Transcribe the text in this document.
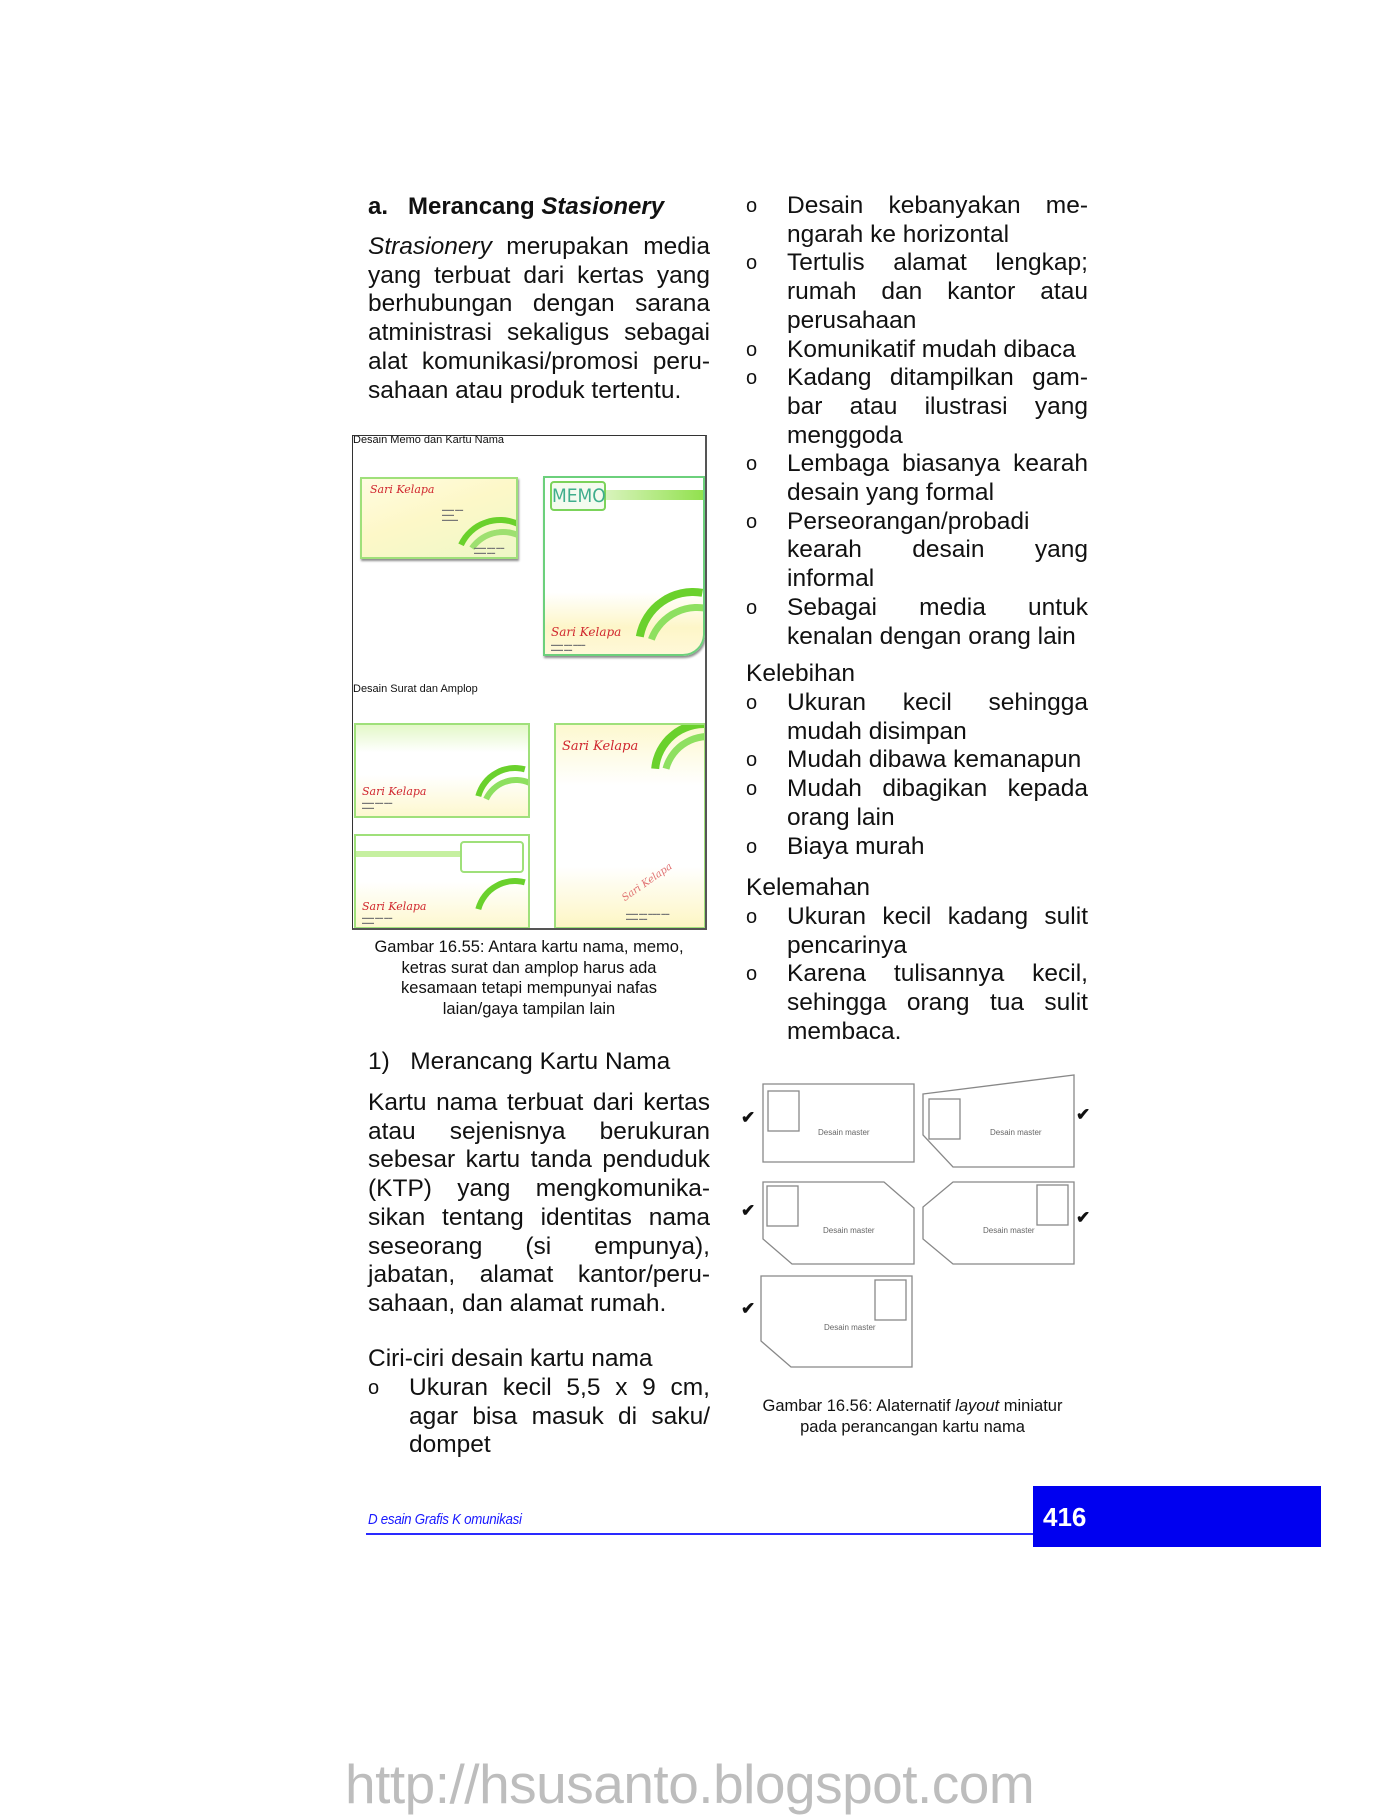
a. Merancang Stasionery
Strasionery merupakan media
yang terbuat dari kertas yang
berhubungan dengan sarana
atministrasi sekaligus sebagai
alat komunikasi/promosi peru-
sahaan atau produk tertentu.
Desain Memo dan Kartu Nama
Sari Kelapa
▬▬▬ ▬▬
▬▬▬
▬▬▬▬
▬▬▬ ▬▬ ▬▬
▬▬▬ ▬▬
MEMO
Sari Kelapa
▬▬▬ ▬▬ ▬▬▬
▬▬▬ ▬▬
Desain Surat dan Amplop
Sari Kelapa
▬▬▬ ▬▬ ▬▬
▬▬▬
Sari Kelapa
▬▬▬ ▬▬ ▬▬
▬▬▬
Sari Kelapa
Sari Kelapa
▬▬▬ ▬▬ ▬▬▬ ▬▬
▬▬▬ ▬▬
Gambar 16.55: Antara kartu nama, memo,
ketras surat dan amplop harus ada
kesamaan tetapi mempunyai nafas
laian/gaya tampilan lain
1)   Merancang Kartu Nama
Kartu nama terbuat dari kertas
atau sejenisnya berukuran
sebesar kartu tanda penduduk
(KTP) yang mengkomunika-
sikan tentang identitas nama
seseorang (si empunya),
jabatan, alamat kantor/peru-
sahaan, dan alamat rumah.
Ciri-ciri desain kartu nama
o Ukuran kecil 5,5 x 9 cm,
agar bisa masuk di saku/
dompet
o Desain kebanyakan me-
ngarah ke horizontal
o Tertulis alamat lengkap;
rumah dan kantor atau
perusahaan
o Komunikatif mudah dibaca
o Kadang ditampilkan gam-
bar atau ilustrasi yang
menggoda
o Lembaga biasanya kearah
desain yang formal
o Perseorangan/probadi
kearah desain yang
informal
o Sebagai media untuk
kenalan dengan orang lain
Kelebihan
o Ukuran kecil sehingga
mudah disimpan
o Mudah dibawa kemanapun
o Mudah dibagikan kepada
orang lain
o Biaya murah
Kelemahan
o Ukuran kecil kadang sulit
pencarinya
o Karena tulisannya kecil,
sehingga orang tua sulit
membaca.
Desain master	Desain master
Desain master	Desain master
Desain master
✔	✔
✔	✔
✔
Gambar 16.56: Alaternatif layout miniatur
pada perancangan kartu nama
D esain Grafis K omunikasi	416
http://hsusanto.blogspot.com
